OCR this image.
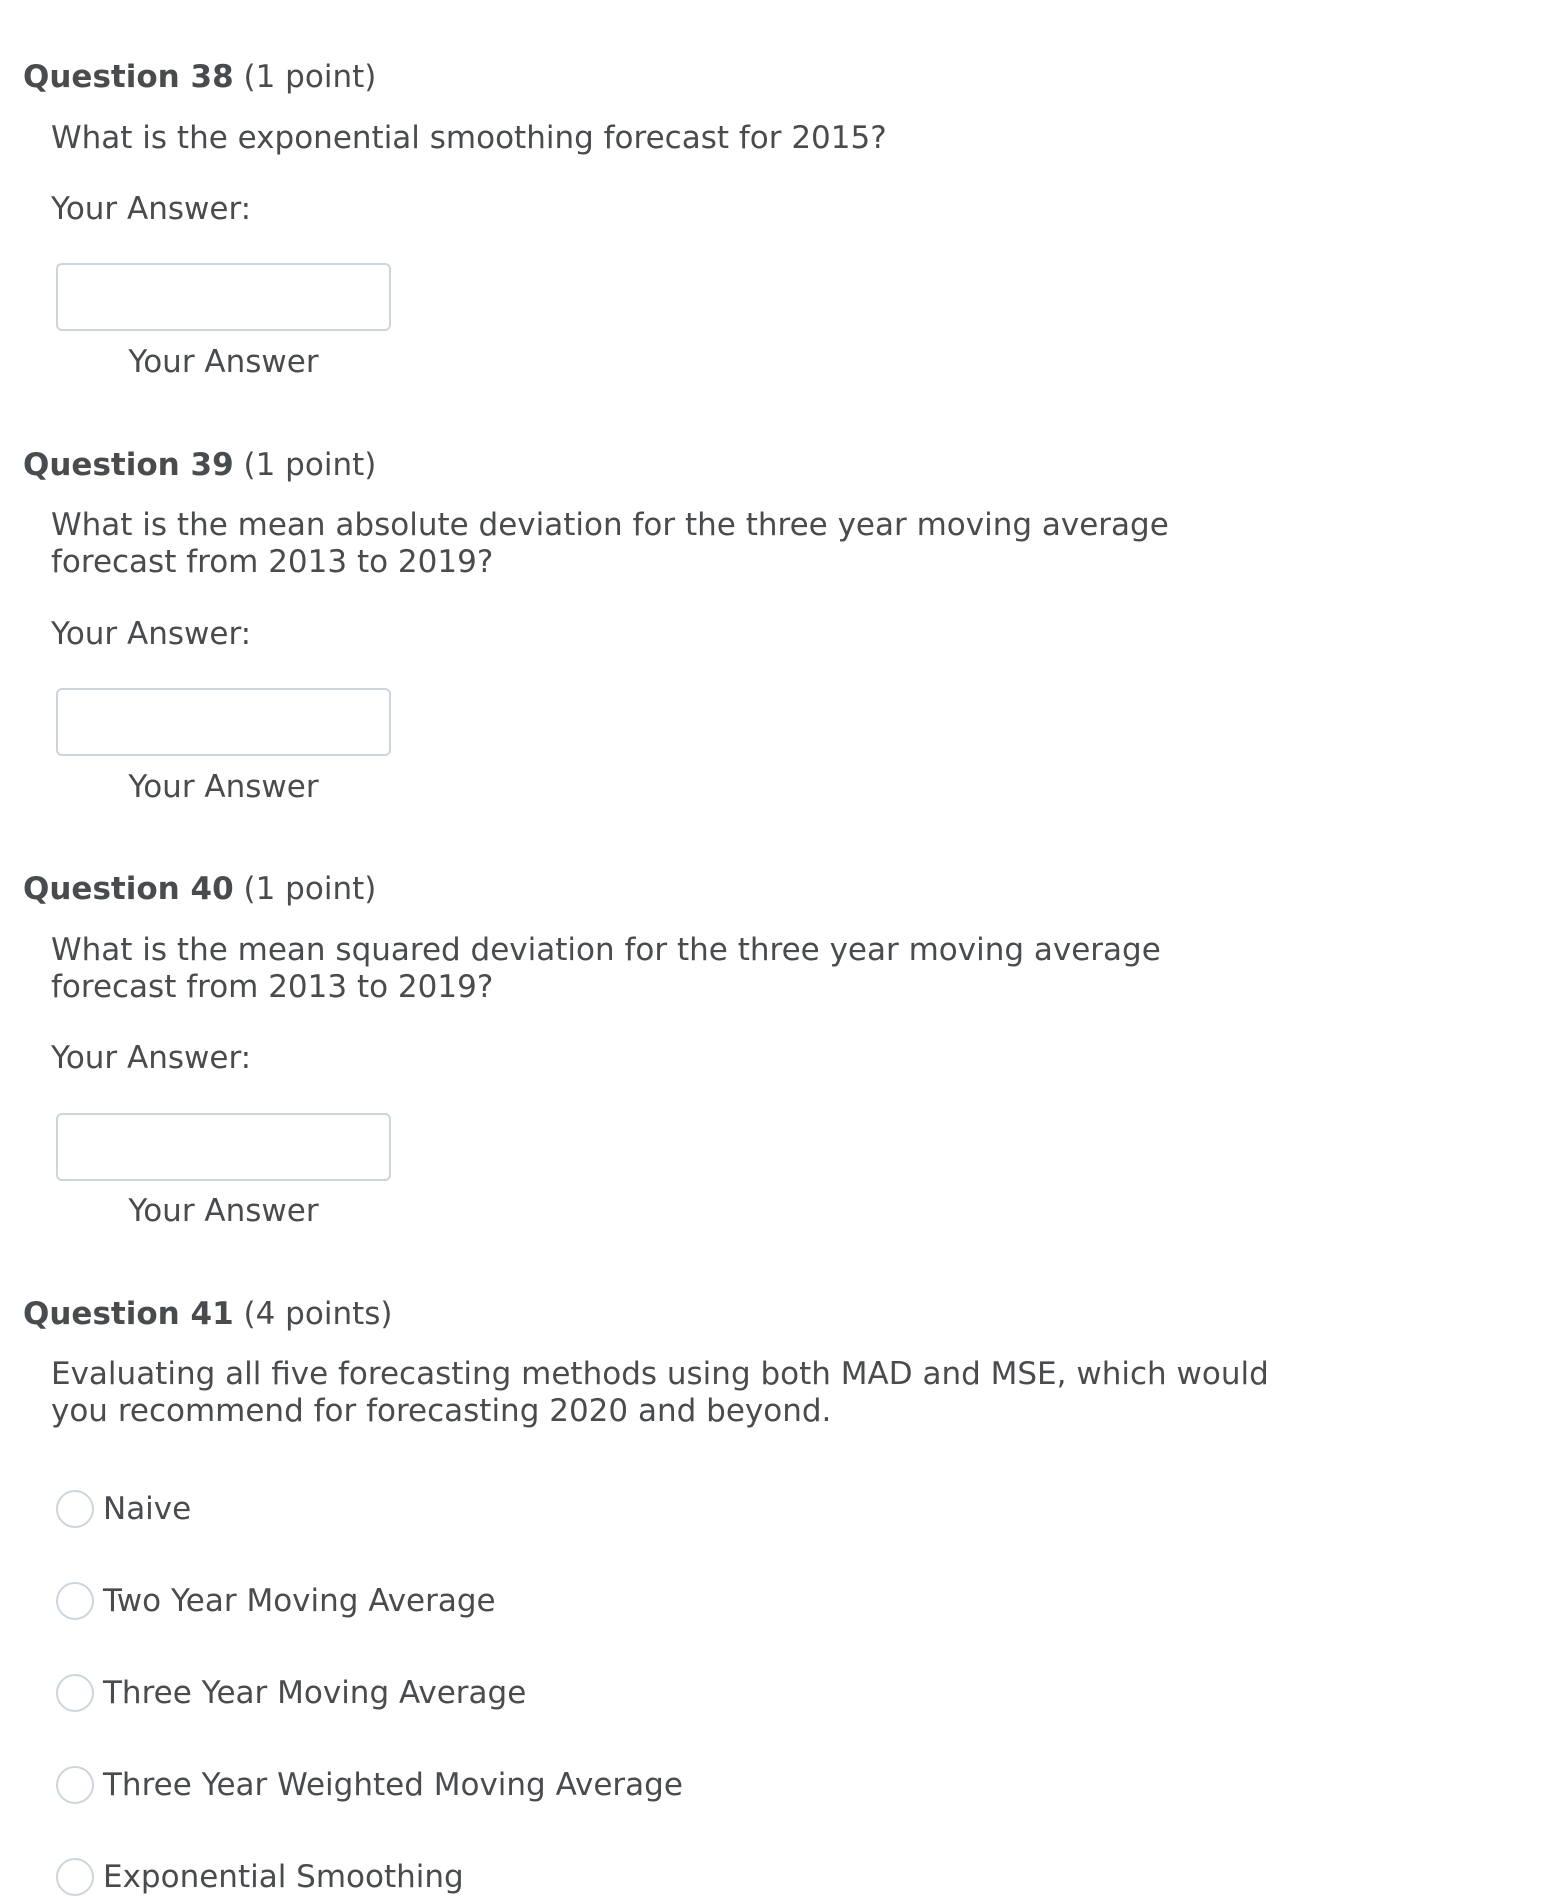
Question 38 (1 point)
What is the exponential smoothing forecast for 2015?
Your Answer:
Your Answer
Question 39 (1 point)
What is the mean absolute deviation for the three year moving average forecast from 2013 to 2019?
Your Answer:
Your Answer
Question 40 (1 point)
What is the mean squared deviation for the three year moving average forecast from 2013 to 2019?
Your Answer:
Your Answer
Question 41 (4 points)
Evaluating all five forecasting methods using both MAD and MSE, which would you recommend for forecasting 2020 and beyond.
Naive
Two Year Moving Average
Three Year Moving Average
Three Year Weighted Moving Average
Exponential Smoothing
